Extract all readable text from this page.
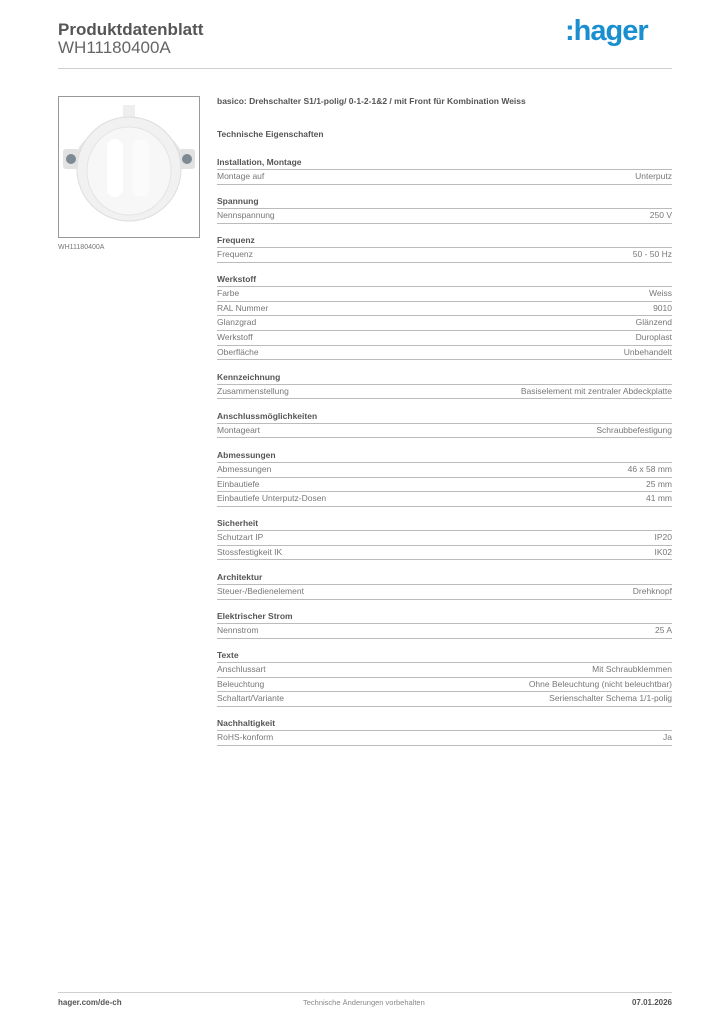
Produktdatenblatt
WH11180400A
:hager
WH11180400A
basico: Drehschalter S1/1-polig/ 0-1-2-1&2 / mit Front für Kombination Weiss
Technische Eigenschaften
Installation, Montage
Montage auf	Unterputz
Spannung
Nennspannung	250 V
Frequenz
Frequenz	50 - 50 Hz
Werkstoff
Farbe	Weiss
RAL Nummer	9010
Glanzgrad	Glänzend
Werkstoff	Duroplast
Oberfläche	Unbehandelt
Kennzeichnung
Zusammenstellung	Basiselement mit zentraler Abdeckplatte
Anschlussmöglichkeiten
Montageart	Schraubbefestigung
Abmessungen
Abmessungen	46 x 58 mm
Einbautiefe	25 mm
Einbautiefe Unterputz-Dosen	41 mm
Sicherheit
Schutzart IP	IP20
Stossfestigkeit IK	IK02
Architektur
Steuer-/Bedienelement	Drehknopf
Elektrischer Strom
Nennstrom	25 A
Texte
Anschlussart	Mit Schraubklemmen
Beleuchtung	Ohne Beleuchtung (nicht beleuchtbar)
Schaltart/Variante	Serienschalter Schema 1/1-polig
Nachhaltigkeit
RoHS-konform	Ja
hager.com/de-ch	Technische Änderungen vorbehalten	07.01.2026
